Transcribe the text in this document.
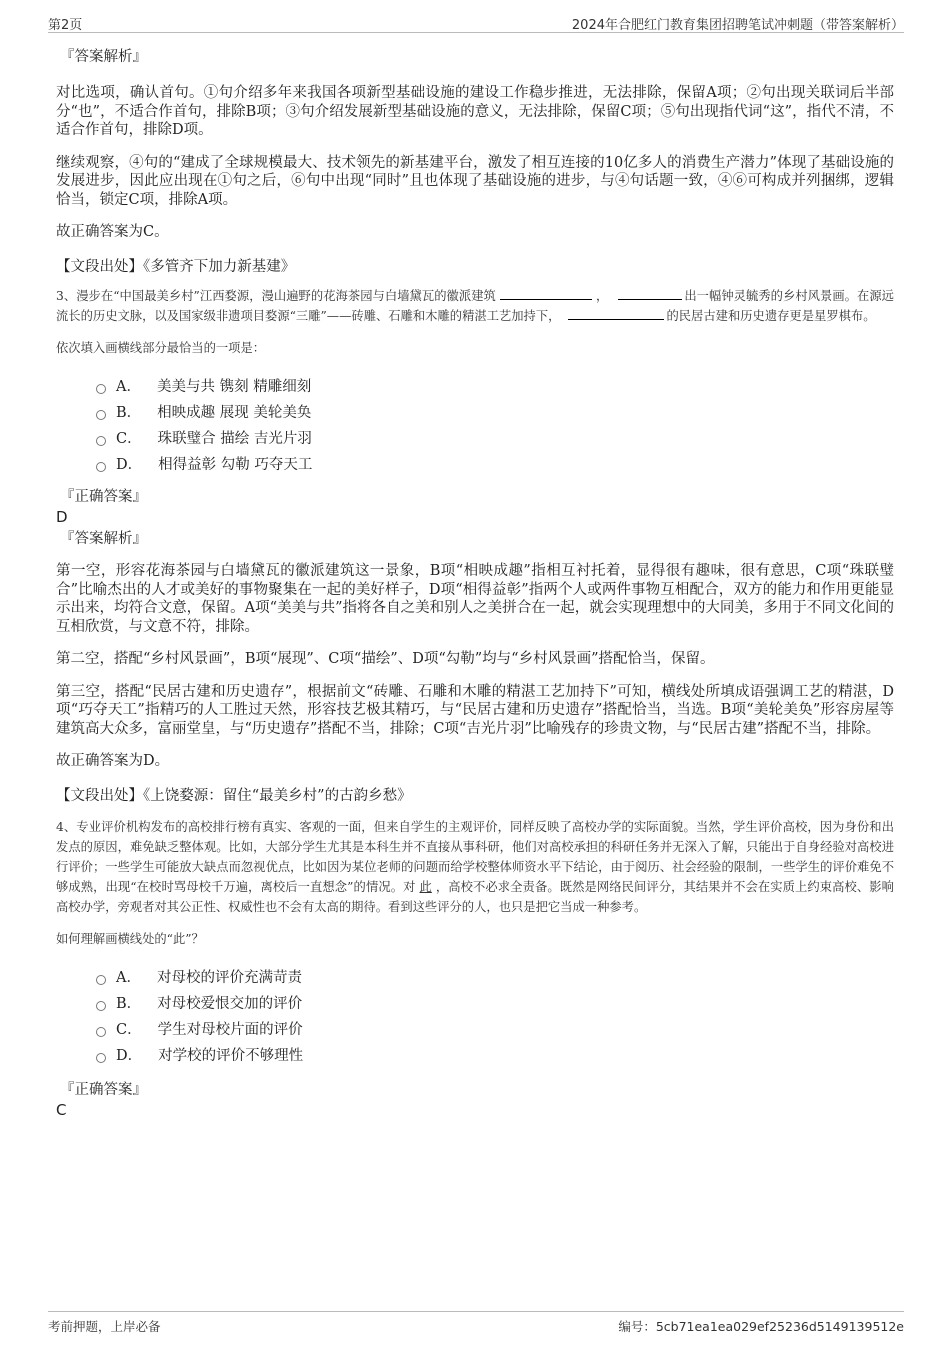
第2页	2024年合肥红门教育集团招聘笔试冲刺题（带答案解析）
『答案解析』

对比选项，确认首句。①句介绍多年来我国各项新型基础设施的建设工作稳步推进，无法排除，保留A项；②句出现关联词后半部分“也”，不适合作首句，排除B项；③句介绍发展新型基础设施的意义，无法排除，保留C项；⑤句出现指代词“这”，指代不清，不适合作首句，排除D项。

继续观察，④句的“建成了全球规模最大、技术领先的新基建平台，激发了相互连接的10亿多人的消费生产潜力”体现了基础设施的发展进步，因此应出现在①句之后，⑥句中出现“同时”且也体现了基础设施的进步，与④句话题一致，④⑥可构成并列捆绑，逻辑恰当，锁定C项，排除A项。

故正确答案为C。

【文段出处】《多管齐下加力新基建》

3、漫步在“中国最美乡村”江西婺源，漫山遍野的花海茶园与白墙黛瓦的徽派建筑	，	出一幅钟灵毓秀的乡村风景画。在源远流长的历史文脉，以及国家级非遗项目婺源“三雕”——砖雕、石雕和木雕的精湛工艺加持下，	的民居古建和历史遗存更是星罗棋布。

依次填入画横线部分最恰当的一项是：

A． 美美与共 镌刻 精雕细刻
B． 相映成趣 展现 美轮美奂
C． 珠联璧合 描绘 吉光片羽
D． 相得益彰 勾勒 巧夺天工
『正确答案』
D
『答案解析』

第一空，形容花海茶园与白墙黛瓦的徽派建筑这一景象，B项“相映成趣”指相互衬托着，显得很有趣味，很有意思，C项“珠联璧合”比喻杰出的人才或美好的事物聚集在一起的美好样子，D项“相得益彰”指两个人或两件事物互相配合，双方的能力和作用更能显示出来，均符合文意，保留。A项“美美与共”指将各自之美和别人之美拼合在一起，就会实现理想中的大同美，多用于不同文化间的互相欣赏，与文意不符，排除。

第二空，搭配“乡村风景画”，B项“展现”、C项“描绘”、D项“勾勒”均与“乡村风景画”搭配恰当，保留。

第三空，搭配“民居古建和历史遗存”，根据前文“砖雕、石雕和木雕的精湛工艺加持下”可知，横线处所填成语强调工艺的精湛，D项“巧夺天工”指精巧的人工胜过天然，形容技艺极其精巧，与“民居古建和历史遗存”搭配恰当，当选。B项“美轮美奂”形容房屋等建筑高大众多，富丽堂皇，与“历史遗存”搭配不当，排除；C项“吉光片羽”比喻残存的珍贵文物，与“民居古建”搭配不当，排除。

故正确答案为D。

【文段出处】《上饶婺源：留住“最美乡村”的古韵乡愁》

4、专业评价机构发布的高校排行榜有真实、客观的一面，但来自学生的主观评价，同样反映了高校办学的实际面貌。当然，学生评价高校，因为身份和出发点的原因，难免缺乏整体观。比如，大部分学生尤其是本科生并不直接从事科研，他们对高校承担的科研任务并无深入了解，只能出于自身经验对高校进行评价；一些学生可能放大缺点而忽视优点，比如因为某位老师的问题而给学校整体师资水平下结论，由于阅历、社会经验的限制，一些学生的评价难免不够成熟，出现“在校时骂母校千万遍，离校后一直想念”的情况。对 此 ，高校不必求全责备。既然是网络民间评分，其结果并不会在实质上约束高校、影响高校办学，旁观者对其公正性、权威性也不会有太高的期待。看到这些评分的人，也只是把它当成一种参考。

如何理解画横线处的“此”？

A． 对母校的评价充满苛责
B． 对母校爱恨交加的评价
C． 学生对母校片面的评价
D． 对学校的评价不够理性
『正确答案』
C
考前押题，上岸必备	编号：5cb71ea1ea029ef25236d5149139512e
